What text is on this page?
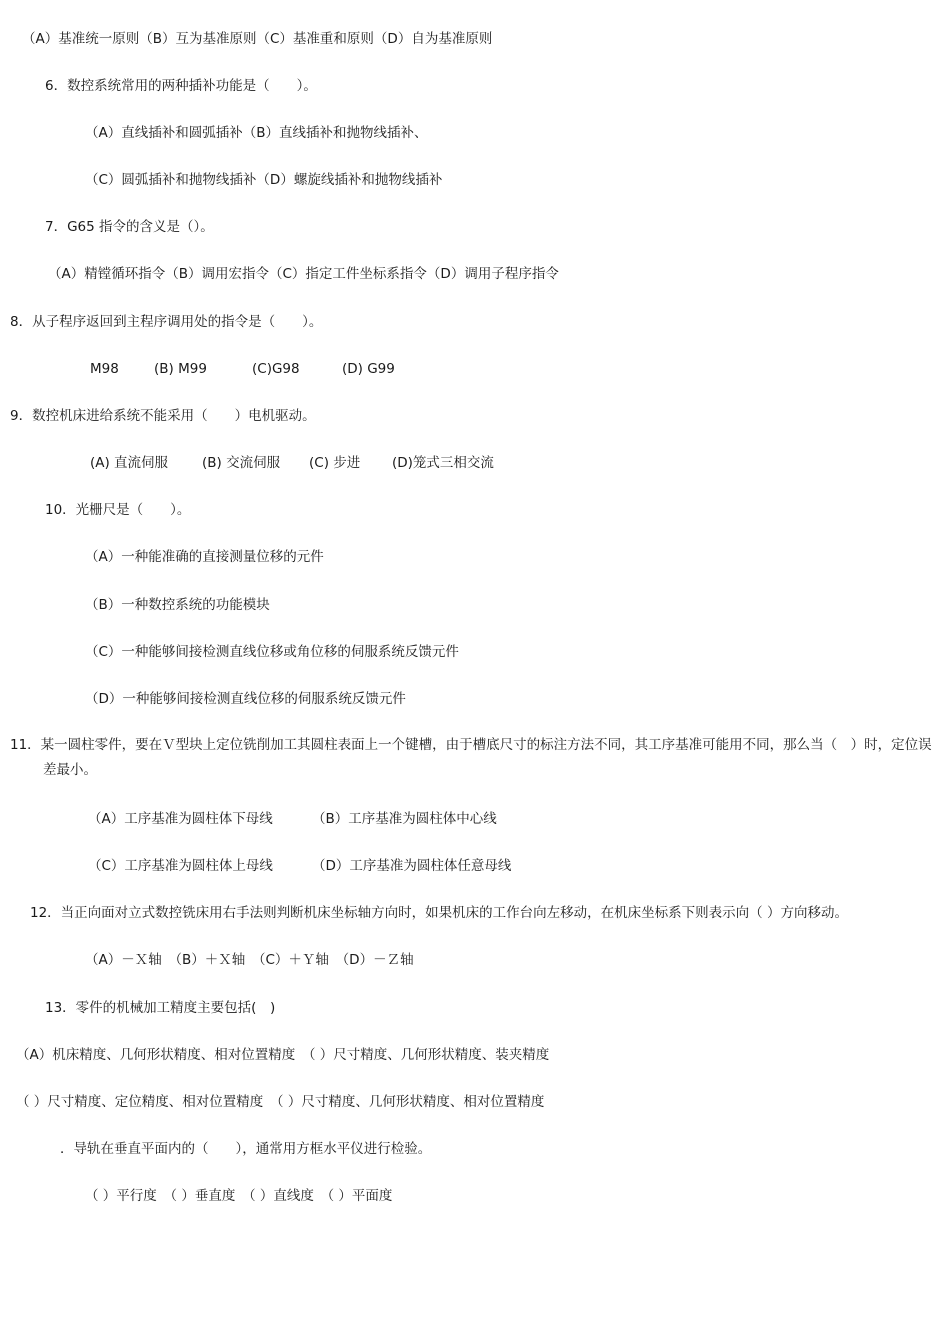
（A）基准统一原则（B）互为基准原则（C）基准重和原则（D）自为基准原则
6．数控系统常用的两种插补功能是（　　）。
（A）直线插补和圆弧插补（B）直线插补和抛物线插补、
（C）圆弧插补和抛物线插补（D）螺旋线插补和抛物线插补
7．G65 指令的含义是（）。
（A）精镗循环指令（B）调用宏指令（C）指定工件坐标系指令（D）调用子程序指令
8．从子程序返回到主程序调用处的指令是（　　）。
M98	(B) M99	(C)G98	(D) G99
9．数控机床进给系统不能采用（　　）电机驱动。
(A) 直流伺服	(B) 交流伺服 (C) 步进 (D)笼式三相交流
10．光栅尺是（　　）。
（A）一种能准确的直接测量位移的元件
（B）一种数控系统的功能模块
（C）一种能够间接检测直线位移或角位移的伺服系统反馈元件
（D）一种能够间接检测直线位移的伺服系统反馈元件
11．某一圆柱零件，要在Ｖ型块上定位铣削加工其圆柱表面上一个键槽，由于槽底尺寸的标注方法不同，其工序基准可能用不同，那么当（　）时，定位误差最小。
（A）工序基准为圆柱体下母线	（B）工序基准为圆柱体中心线
（C）工序基准为圆柱体上母线	（D）工序基准为圆柱体任意母线
12．当正向面对立式数控铣床用右手法则判断机床坐标轴方向时，如果机床的工作台向左移动，在机床坐标系下则表示向（ ）方向移动。
（A）－Ｘ轴　（B）＋Ｘ轴　（C）＋Ｙ轴　（D）－Ｚ轴
13．零件的机械加工精度主要包括(　)
（A）机床精度、几何形状精度、相对位置精度　（ ）尺寸精度、几何形状精度、装夹精度
（ ）尺寸精度、定位精度、相对位置精度　（ ）尺寸精度、几何形状精度、相对位置精度
．导轨在垂直平面内的（　　），通常用方框水平仪进行检验。
（ ）平行度　（ ）垂直度　（ ）直线度　（ ）平面度
